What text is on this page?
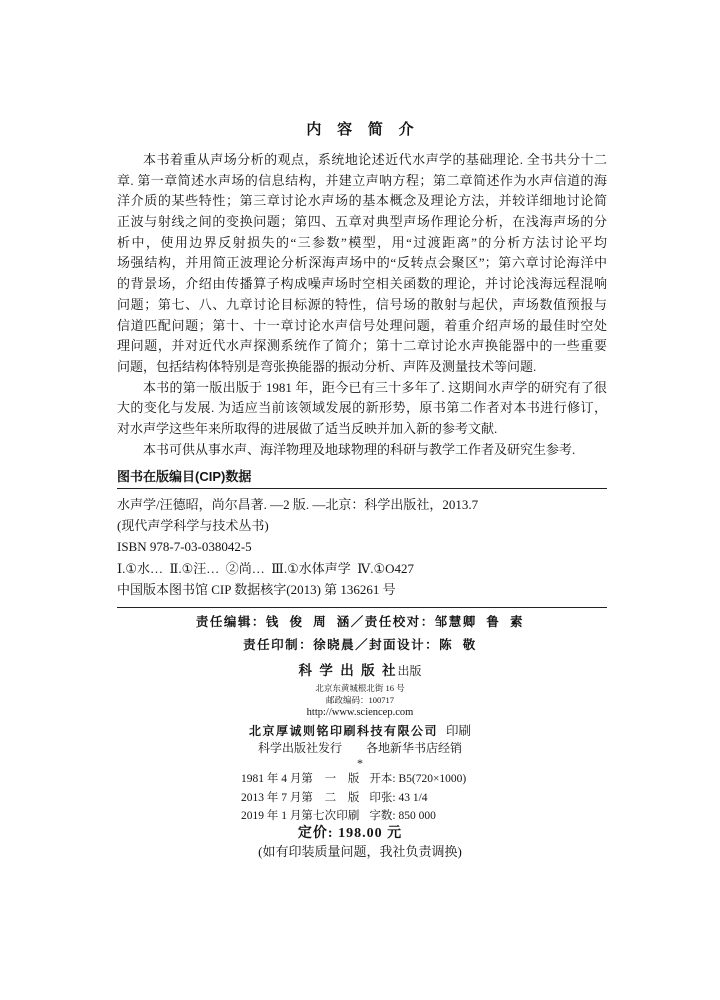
内 容 简 介
本书着重从声场分析的观点，系统地论述近代水声学的基础理论. 全书共分十二
章. 第一章简述水声场的信息结构，并建立声呐方程；第二章简述作为水声信道的海
洋介质的某些特性；第三章讨论水声场的基本概念及理论方法，并较详细地讨论简
正波与射线之间的变换问题；第四、五章对典型声场作理论分析，在浅海声场的分
析中，使用边界反射损失的“三参数”模型，用“过渡距离”的分析方法讨论平均
场强结构，并用简正波理论分析深海声场中的“反转点会聚区”；第六章讨论海洋中
的背景场，介绍由传播算子构成噪声场时空相关函数的理论，并讨论浅海远程混响
问题；第七、八、九章讨论目标源的特性，信号场的散射与起伏，声场数值预报与
信道匹配问题；第十、十一章讨论水声信号处理问题，着重介绍声场的最佳时空处
理问题，并对近代水声探测系统作了简介；第十二章讨论水声换能器中的一些重要
问题，包括结构体特别是弯张换能器的振动分析、声阵及测量技术等问题.
本书的第一版出版于 1981 年，距今已有三十多年了. 这期间水声学的研究有了很
大的变化与发展. 为适应当前该领域发展的新形势，原书第二作者对本书进行修订，
对水声学这些年来所取得的进展做了适当反映并加入新的参考文献.
本书可供从事水声、海洋物理及地球物理的科研与教学工作者及研究生参考.
图书在版编目(CIP)数据
水声学/汪德昭，尚尔昌著. —2 版. —北京：科学出版社，2013.7
(现代声学科学与技术丛书)
ISBN 978-7-03-038042-5
Ⅰ.①水…  Ⅱ.①汪…  ②尚…  Ⅲ.①水体声学  Ⅳ.①O427
中国版本图书馆 CIP 数据核字(2013) 第 136261 号
责任编辑：钱 俊 周 涵／责任校对：邹慧卿 鲁 素
责任印制：徐晓晨／封面设计：陈 敬
科 学 出 版 社出版
北京东黄城根北街 16 号
邮政编码：100717
http://www.sciencep.com
北京厚诚则铭印刷科技有限公司 印刷
科学出版社发行 各地新华书店经销
*
1981 年 4 月第 一 版 开本: B5(720×1000)
2013 年 7 月第 二 版 印张: 43 1/4
2019 年 1 月第七次印刷 字数: 850 000
定价: 198.00 元
(如有印装质量问题，我社负责调换)
